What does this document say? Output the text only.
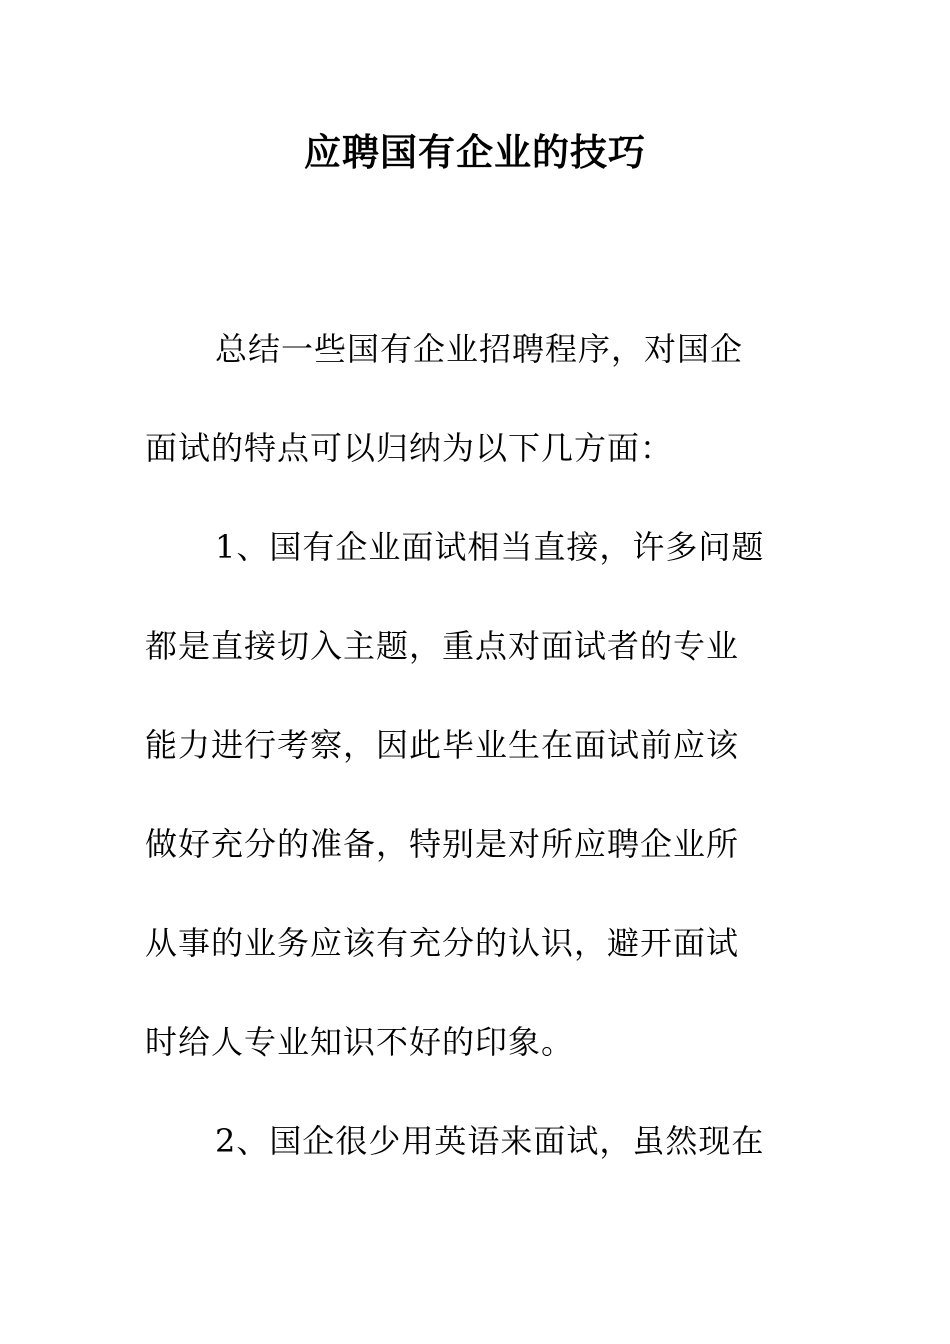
应聘国有企业的技巧
总结一些国有企业招聘程序，对国企
面试的特点可以归纳为以下几方面：
1、国有企业面试相当直接，许多问题
都是直接切入主题，重点对面试者的专业
能力进行考察，因此毕业生在面试前应该
做好充分的准备，特别是对所应聘企业所
从事的业务应该有充分的认识，避开面试
时给人专业知识不好的印象。
2、国企很少用英语来面试，虽然现在
